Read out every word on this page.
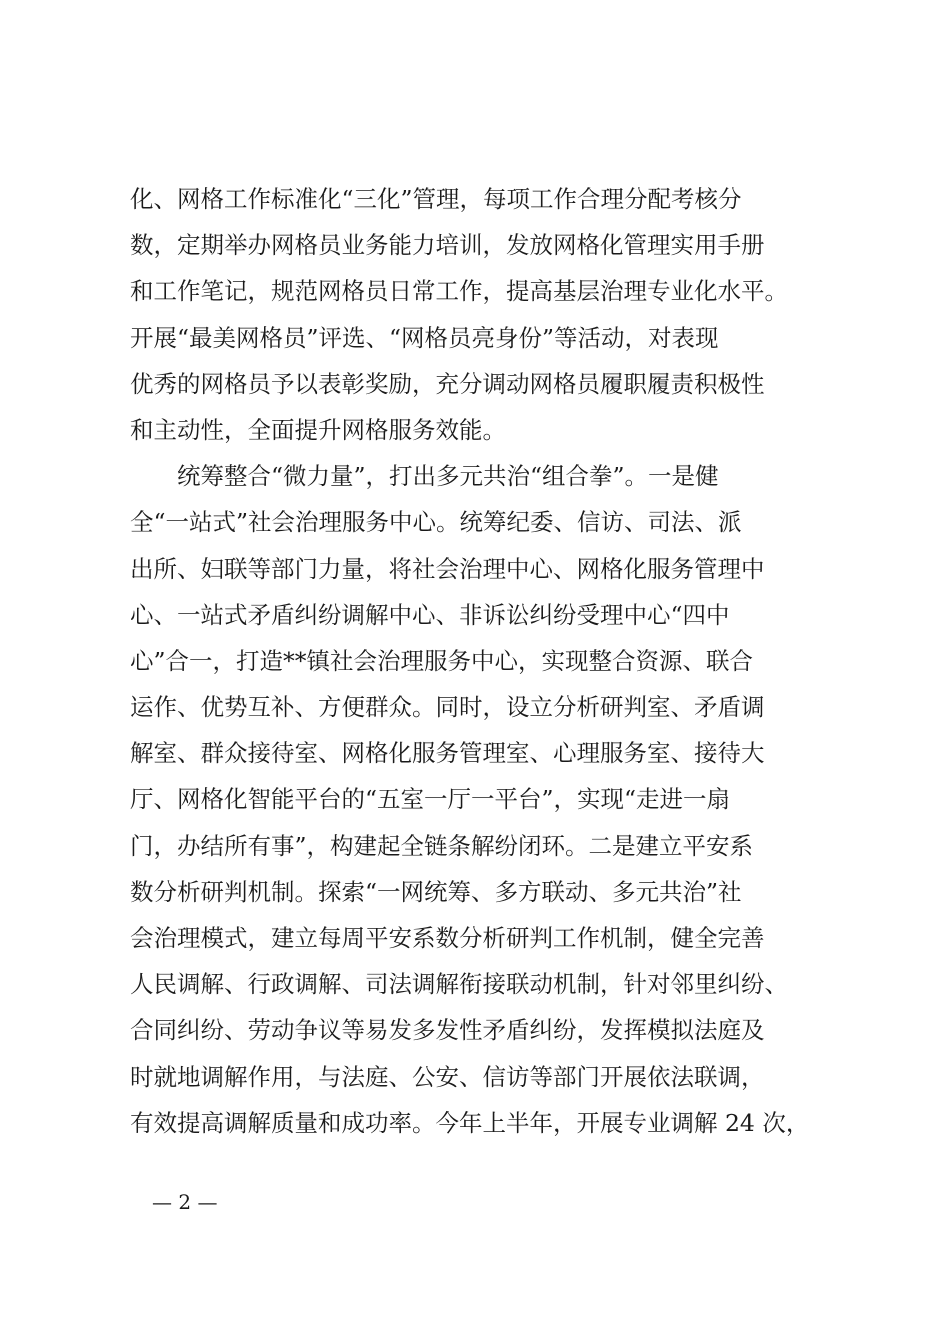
化、网格工作标准化“三化”管理，每项工作合理分配考核分
数，定期举办网格员业务能力培训，发放网格化管理实用手册
和工作笔记，规范网格员日常工作，提高基层治理专业化水平。
开展“最美网格员”评选、“网格员亮身份”等活动，对表现
优秀的网格员予以表彰奖励，充分调动网格员履职履责积极性
和主动性，全面提升网格服务效能。
　　统筹整合“微力量”，打出多元共治“组合拳”。一是健
全“一站式”社会治理服务中心。统筹纪委、信访、司法、派
出所、妇联等部门力量，将社会治理中心、网格化服务管理中
心、一站式矛盾纠纷调解中心、非诉讼纠纷受理中心“四中
心”合一，打造**镇社会治理服务中心，实现整合资源、联合
运作、优势互补、方便群众。同时，设立分析研判室、矛盾调
解室、群众接待室、网格化服务管理室、心理服务室、接待大
厅、网格化智能平台的“五室一厅一平台”，实现“走进一扇
门，办结所有事”，构建起全链条解纷闭环。二是建立平安系
数分析研判机制。探索“一网统筹、多方联动、多元共治”社
会治理模式，建立每周平安系数分析研判工作机制，健全完善
人民调解、行政调解、司法调解衔接联动机制，针对邻里纠纷、
合同纠纷、劳动争议等易发多发性矛盾纠纷，发挥模拟法庭及
时就地调解作用，与法庭、公安、信访等部门开展依法联调，
有效提高调解质量和成功率。今年上半年，开展专业调解 24 次，
— 2 —
